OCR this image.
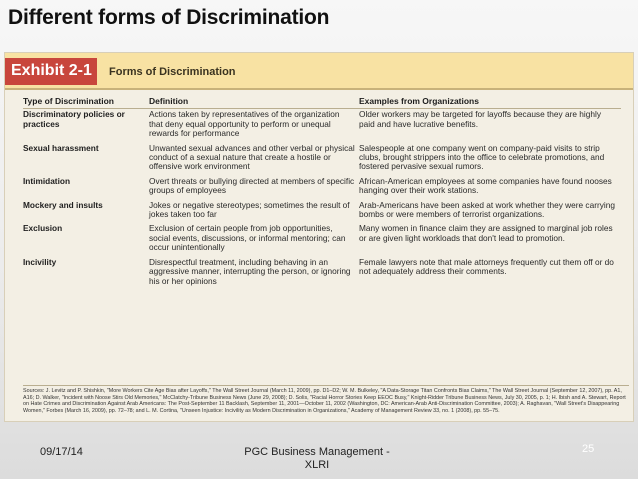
Different forms of Discrimination
Exhibit 2-1	Forms of Discrimination
Type of Discrimination	Definition	Examples from Organizations
Discriminatory policies or practices	Actions taken by representatives of the organization that deny equal opportunity to perform or unequal rewards for performance	Older workers may be targeted for layoffs because they are highly paid and have lucrative benefits.
Sexual harassment	Unwanted sexual advances and other verbal or physical conduct of a sexual nature that create a hostile or offensive work environment	Salespeople at one company went on company-paid visits to strip clubs, brought strippers into the office to celebrate promotions, and fostered pervasive sexual rumors.
Intimidation	Overt threats or bullying directed at members of specific groups of employees	African-American employees at some companies have found nooses hanging over their work stations.
Mockery and insults	Jokes or negative stereotypes; sometimes the result of jokes taken too far	Arab-Americans have been asked at work whether they were carrying bombs or were members of terrorist organizations.
Exclusion	Exclusion of certain people from job opportunities, social events, discussions, or informal mentoring; can occur unintentionally	Many women in finance claim they are assigned to marginal job roles or are given light workloads that don't lead to promotion.
Incivility	Disrespectful treatment, including behaving in an aggressive manner, interrupting the person, or ignoring his or her opinions	Female lawyers note that male attorneys frequently cut them off or do not adequately address their comments.
Sources: J. Levitz and P. Shishkin, "More Workers Cite Age Bias after Layoffs," The Wall Street Journal (March 11, 2009), pp. D1–D2; W. M. Bulkeley, "A Data-Storage Titan Confronts Bias Claims," The Wall Street Journal (September 12, 2007), pp. A1, A16; D. Walker, "Incident with Noose Stirs Old Memories," McClatchy-Tribune Business News (June 29, 2008); D. Solis, "Racial Horror Stories Keep EEOC Busy," Knight-Ridder Tribune Business News, July 30, 2005, p. 1; H. Ibish and A. Stewart, Report on Hate Crimes and Discrimination Against Arab Americans: The Post-September 11 Backlash, September 11, 2001—October 11, 2002 (Washington, DC: American-Arab Anti-Discrimination Committee, 2003); A. Raghavan, "Wall Street's Disappearing Women," Forbes (March 16, 2009), pp. 72–78; and L. M. Cortina, "Unseen Injustice: Incivility as Modern Discrimination in Organizations," Academy of Management Review 33, no. 1 (2008), pp. 55–75.
09/17/14	PGC Business Management - XLRI
25
